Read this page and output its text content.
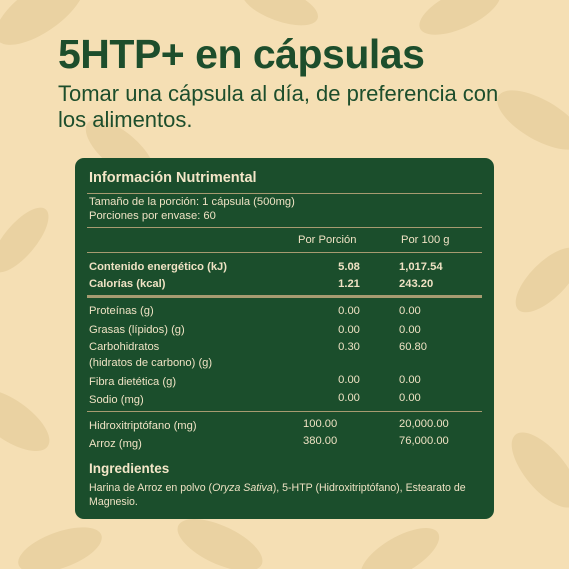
5HTP+ en cápsulas

Tomar una cápsula al día, de preferencia con los alimentos.

Información Nutrimental
Tamaño de la porción: 1 cápsula (500mg)
Porciones por envase: 60
Por Porción	Por 100 g
Contenido energético (kJ)	5.08	1,017.54
Calorías (kcal)	1.21	243.20
Proteínas (g)	0.00	0.00
Grasas (lípidos) (g)	0.00	0.00
Carbohidratos
(hidratos de carbono) (g)
0.30	60.80
Fibra dietética (g)	0.00	0.00
Sodio (mg)	0.00	0.00
Hidroxitriptófano (mg)	100.00	20,000.00
Arroz (mg)	380.00	76,000.00
Ingredientes
Harina de Arroz en polvo (Oryza Sativa), 5-HTP (Hidroxitriptófano), Estearato de Magnesio.
